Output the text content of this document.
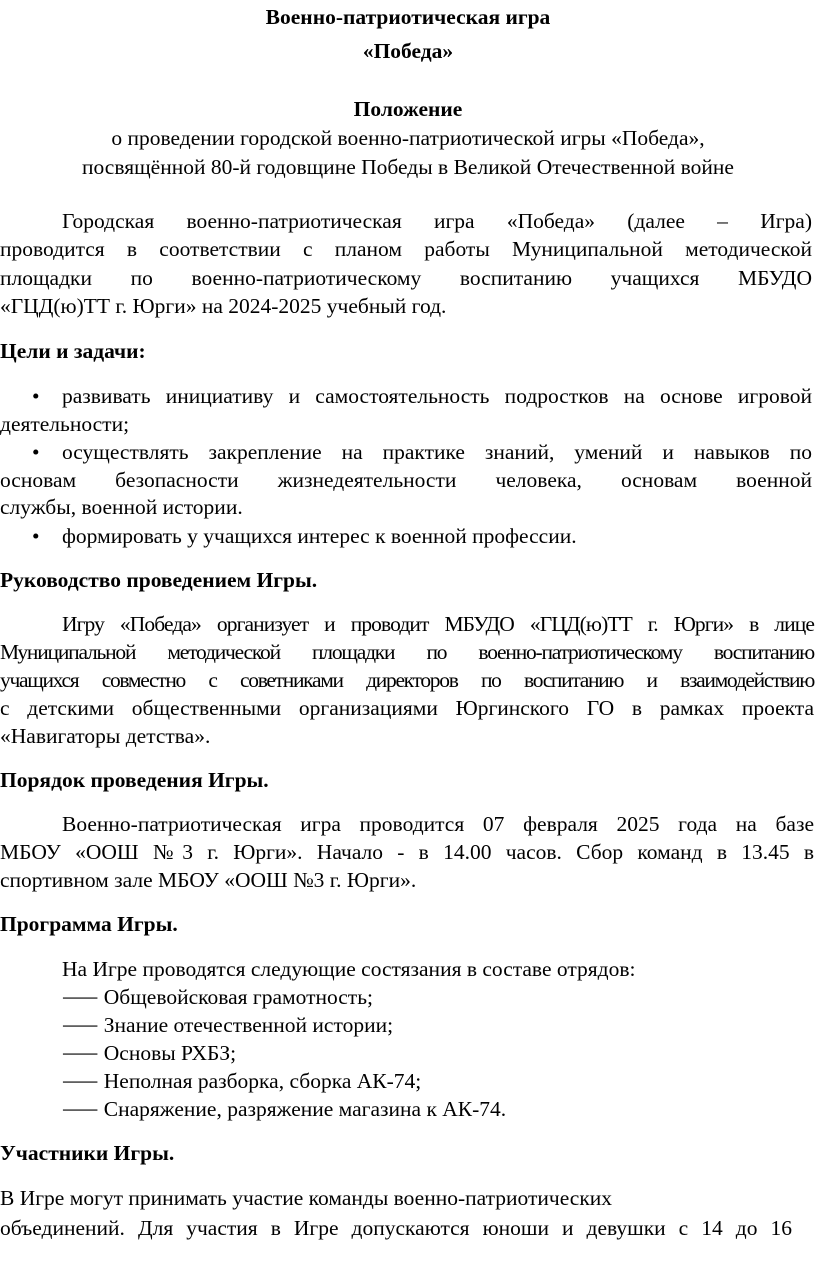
Военно-патриотическая игра
«Победа»
Положение
о проведении городской военно-патриотической игры «Победа»,
посвящённой 80-й годовщине Победы в Великой Отечественной войне
Городская военно-патриотическая игра «Победа» (далее – Игра)
проводится в соответствии с планом работы Муниципальной методической
площадки по военно-патриотическому воспитанию учащихся МБУДО
«ГЦД(ю)ТТ г. Юрги» на 2024-2025 учебный год.
Цели и задачи:
• развивать инициативу и самостоятельность подростков на основе игровой
деятельности;
• осуществлять закрепление на практике знаний, умений и навыков по
основам безопасности жизнедеятельности человека, основам военной
службы, военной истории.
• формировать у учащихся интерес к военной профессии.
Руководство проведением Игры.
Игру «Победа» организует и проводит МБУДО «ГЦД(ю)ТТ г. Юрги» в лице
Муниципальной методической площадки по военно-патриотическому воспитанию
учащихся совместно с советниками директоров по воспитанию и взаимодействию
с детскими общественными организациями Юргинского ГО в рамках проекта
«Навигаторы детства».
Порядок проведения Игры.
Военно-патриотическая игра проводится 07 февраля 2025 года на базе
МБОУ «ООШ №3 г. Юрги». Начало - в 14.00 часов. Сбор команд в 13.45 в
спортивном зале МБОУ «ООШ №3 г. Юрги».
Программа Игры.
На Игре проводятся следующие состязания в составе отрядов:
⸺ Общевойсковая грамотность;
⸺ Знание отечественной истории;
⸺ Основы РХБЗ;
⸺ Неполная разборка, сборка АК-74;
⸺ Снаряжение, разряжение магазина к АК-74.
Участники Игры.
В Игре могут принимать участие команды военно-патриотических
объединений. Для участия в Игре допускаются юноши и девушки с 14 до 16
